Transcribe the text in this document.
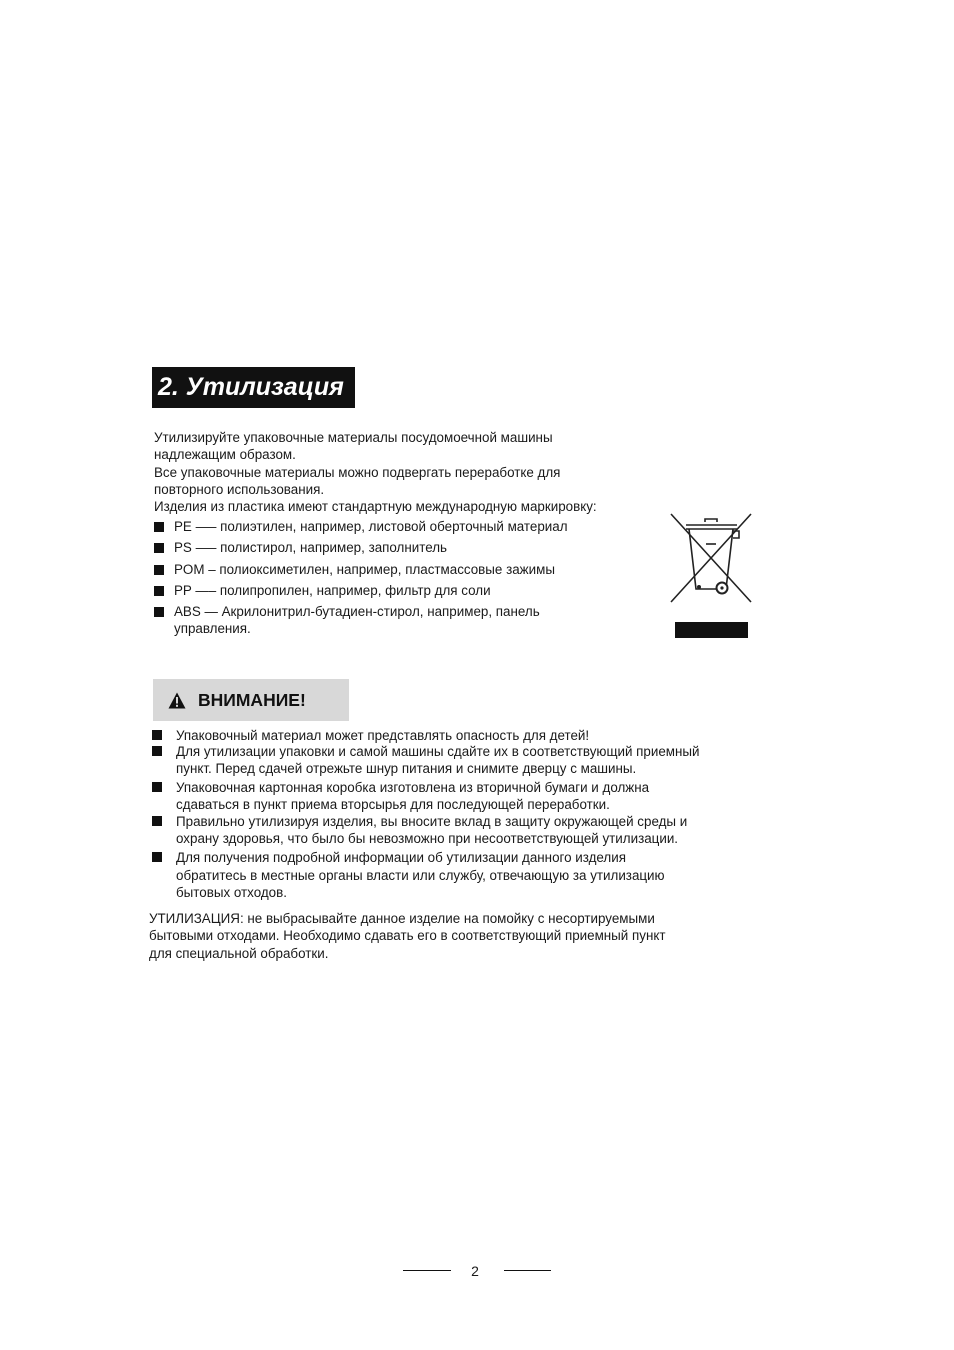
2. Утилизация

Утилизируйте упаковочные материалы посудомоечной машины

надлежащим образом.

Все упаковочные материалы можно подвергать переработке для

повторного использования.

Изделия из пластика имеют стандартную международную маркировку:

PE —– полиэтилен, например, листовой оберточный материал
PS —– полистирол, например, заполнитель
POM – полиоксиметилен, например, пластмассовые зажимы
PP —– полипропилен, например, фильтр для соли
ABS — Акрилонитрил-бутадиен-стирол, например, панель
управления.
ВНИМАНИЕ!
Упаковочный материал может представлять опасность для детей!
Для утилизации упаковки и самой машины сдайте их в соответствующий приемный
пункт. Перед сдачей отрежьте шнур питания и снимите дверцу с машины.
Упаковочная картонная коробка изготовлена из вторичной бумаги и должна
сдаваться в пункт приема вторсырья для последующей переработки.
Правильно утилизируя изделия, вы вносите вклад в защиту окружающей среды и
охрану здоровья, что было бы невозможно при несоответствующей утилизации.
Для получения подробной информации об утилизации данного изделия
обратитесь в местные органы власти или службу, отвечающую за утилизацию
бытовых отходов.
УТИЛИЗАЦИЯ: не выбрасывайте данное изделие на помойку с несортируемыми
бытовыми отходами. Необходимо сдавать его в соответствующий приемный пункт
для специальной обработки.
2
